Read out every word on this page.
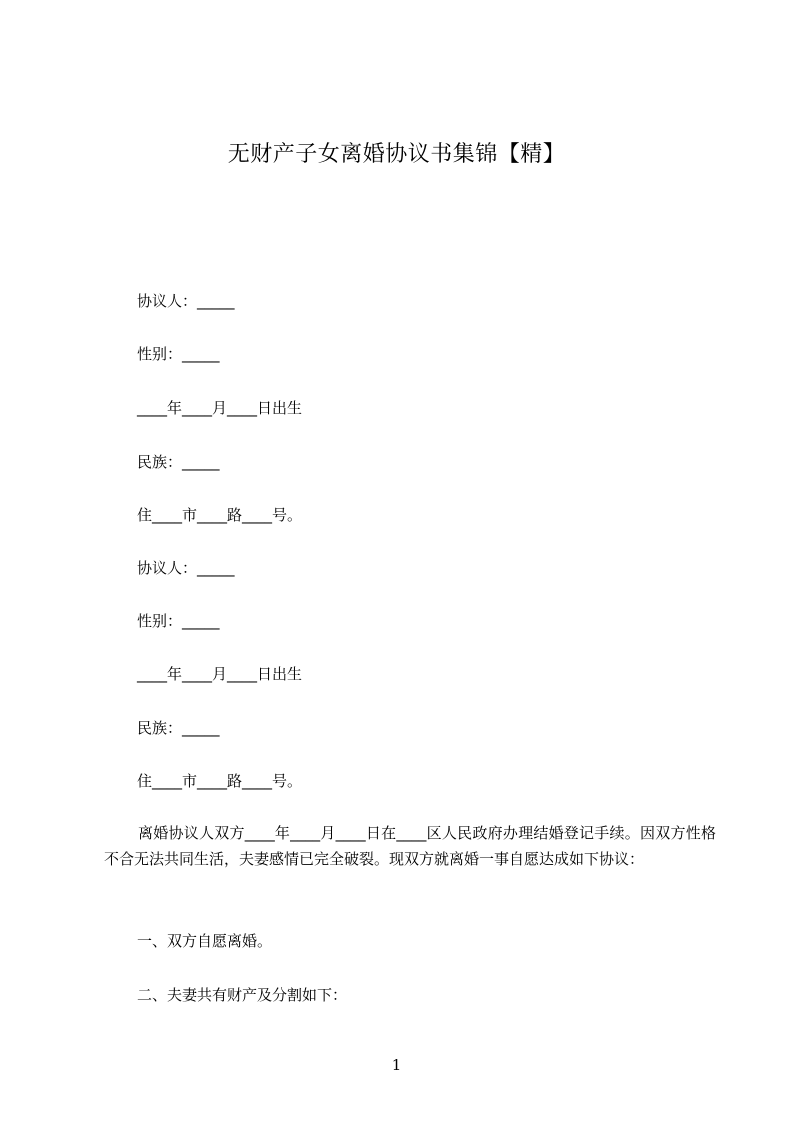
无财产子女离婚协议书集锦【精】
协议人：_____
性别：_____
____年____月____日出生
民族：_____
住____市____路____号。
协议人：_____
性别：_____
____年____月____日出生
民族：_____
住____市____路____号。
离婚协议人双方____年____月____日在____区人民政府办理结婚登记手续。因双方性格不合无法共同生活，夫妻感情已完全破裂。现双方就离婚一事自愿达成如下协议：
一、双方自愿离婚。
二、夫妻共有财产及分割如下：
1
